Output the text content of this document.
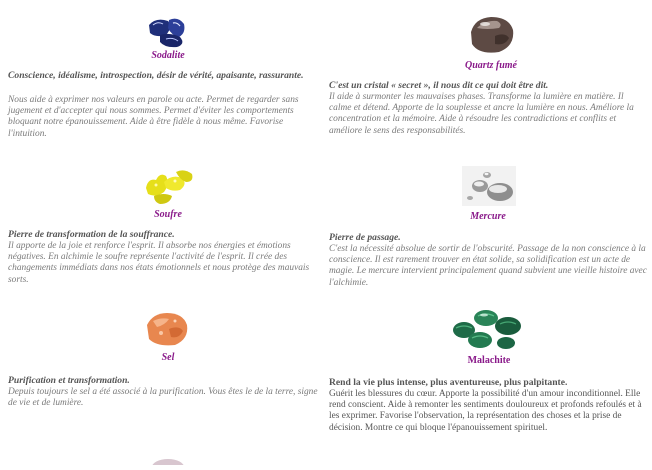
Sodalite
Conscience, idéalisme, introspection, désir de vérité, apaisante, rassurante.
Nous aide à exprimer nos valeurs en parole ou acte. Permet de regarder sans jugement et d'accepter qui nous sommes. Permet d'éviter les comportements bloquant notre épanouissement. Aide à être fidèle à nous même. Favorise l'intuition.
Quartz fumé
C'est un cristal « secret », il nous dit ce qui doit être dit.
Il aide à surmonter les mauvaises phases. Transforme la lumière en matière. Il calme et détend. Apporte de la souplesse et ancre la lumière en nous. Améliore la concentration et la mémoire. Aide à résoudre les contradictions et conflits et améliore le sens des responsabilités.
Soufre
Pierre de transformation de la souffrance.
Il apporte de la joie et renforce l'esprit. Il absorbe nos énergies et émotions négatives. En alchimie le soufre représente l'activité de l'esprit. Il crée des changements immédiats dans nos états émotionnels et nous protège des mauvais sorts.
Mercure
Pierre de passage.
C'est la nécessité absolue de sortir de l'obscurité. Passage de la non conscience à la conscience. Il est rarement trouver en état solide, sa solidification est un acte de magie. Le mercure intervient principalement quand subvient une vieille histoire avec l'alchimie.
Sel
Purification et transformation.
Depuis toujours le sel a été associé à la purification. Vous êtes le de la terre, signe de vie et de lumière.
Malachite
Rend la vie plus intense, plus aventureuse, plus palpitante.
Guérit les blessures du cœur. Apporte la possibilité d'un amour inconditionnel. Elle rend conscient. Aide à remonter les sentiments douloureux et profonds refoulés et à les exprimer. Favorise l'observation, la représentation des choses et la prise de décision. Montre ce qui bloque l'épanouissement spirituel.
